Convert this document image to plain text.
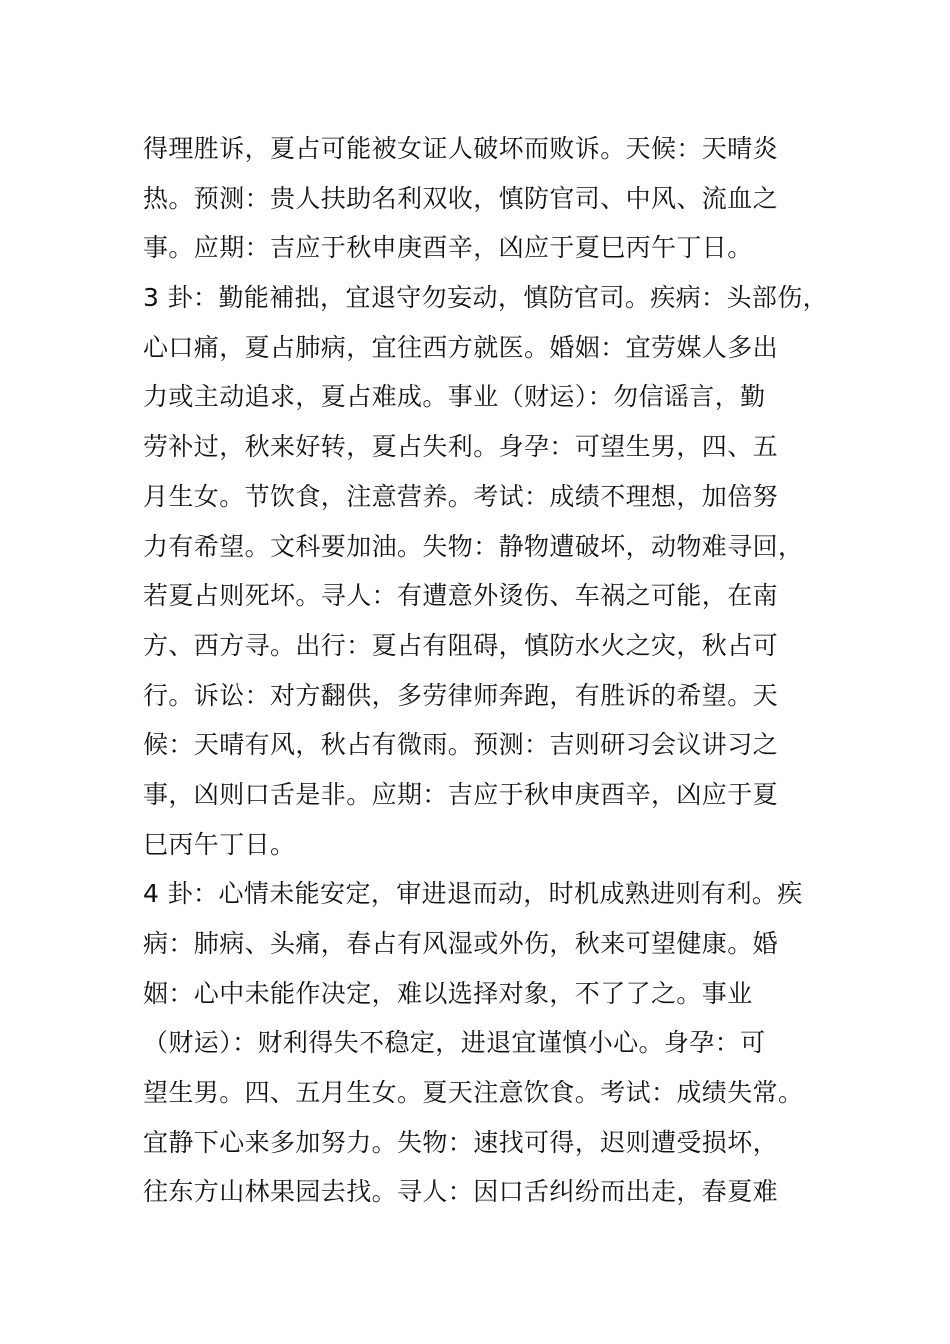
得理胜诉，夏占可能被女证人破坏而败诉。天候：天晴炎
热。预测：贵人扶助名利双收，慎防官司、中风、流血之
事。应期：吉应于秋申庚酉辛，凶应于夏巳丙午丁日。
3 卦：勤能補拙，宜退守勿妄动，慎防官司。疾病：头部伤，
心口痛，夏占肺病，宜往西方就医。婚姻：宜劳媒人多出
力或主动追求，夏占难成。事业（财运）：勿信谣言，勤
劳补过，秋来好转，夏占失利。身孕：可望生男，四、五
月生女。节饮食，注意营养。考试：成绩不理想，加倍努
力有希望。文科要加油。失物：静物遭破坏，动物难寻回，
若夏占则死坏。寻人：有遭意外烫伤、车祸之可能，在南
方、西方寻。出行：夏占有阻碍，慎防水火之灾，秋占可
行。诉讼：对方翻供，多劳律师奔跑，有胜诉的希望。天
候：天晴有风，秋占有微雨。预测：吉则研习会议讲习之
事，凶则口舌是非。应期：吉应于秋申庚酉辛，凶应于夏
巳丙午丁日。
4 卦：心情未能安定，审进退而动，时机成熟进则有利。疾
病：肺病、头痛，春占有风湿或外伤，秋来可望健康。婚
姻：心中未能作决定，难以选择对象，不了了之。事业
（财运）：财利得失不稳定，进退宜谨慎小心。身孕：可
望生男。四、五月生女。夏天注意饮食。考试：成绩失常。
宜静下心来多加努力。失物：速找可得，迟则遭受损坏，
往东方山林果园去找。寻人：因口舌纠纷而出走，春夏难
